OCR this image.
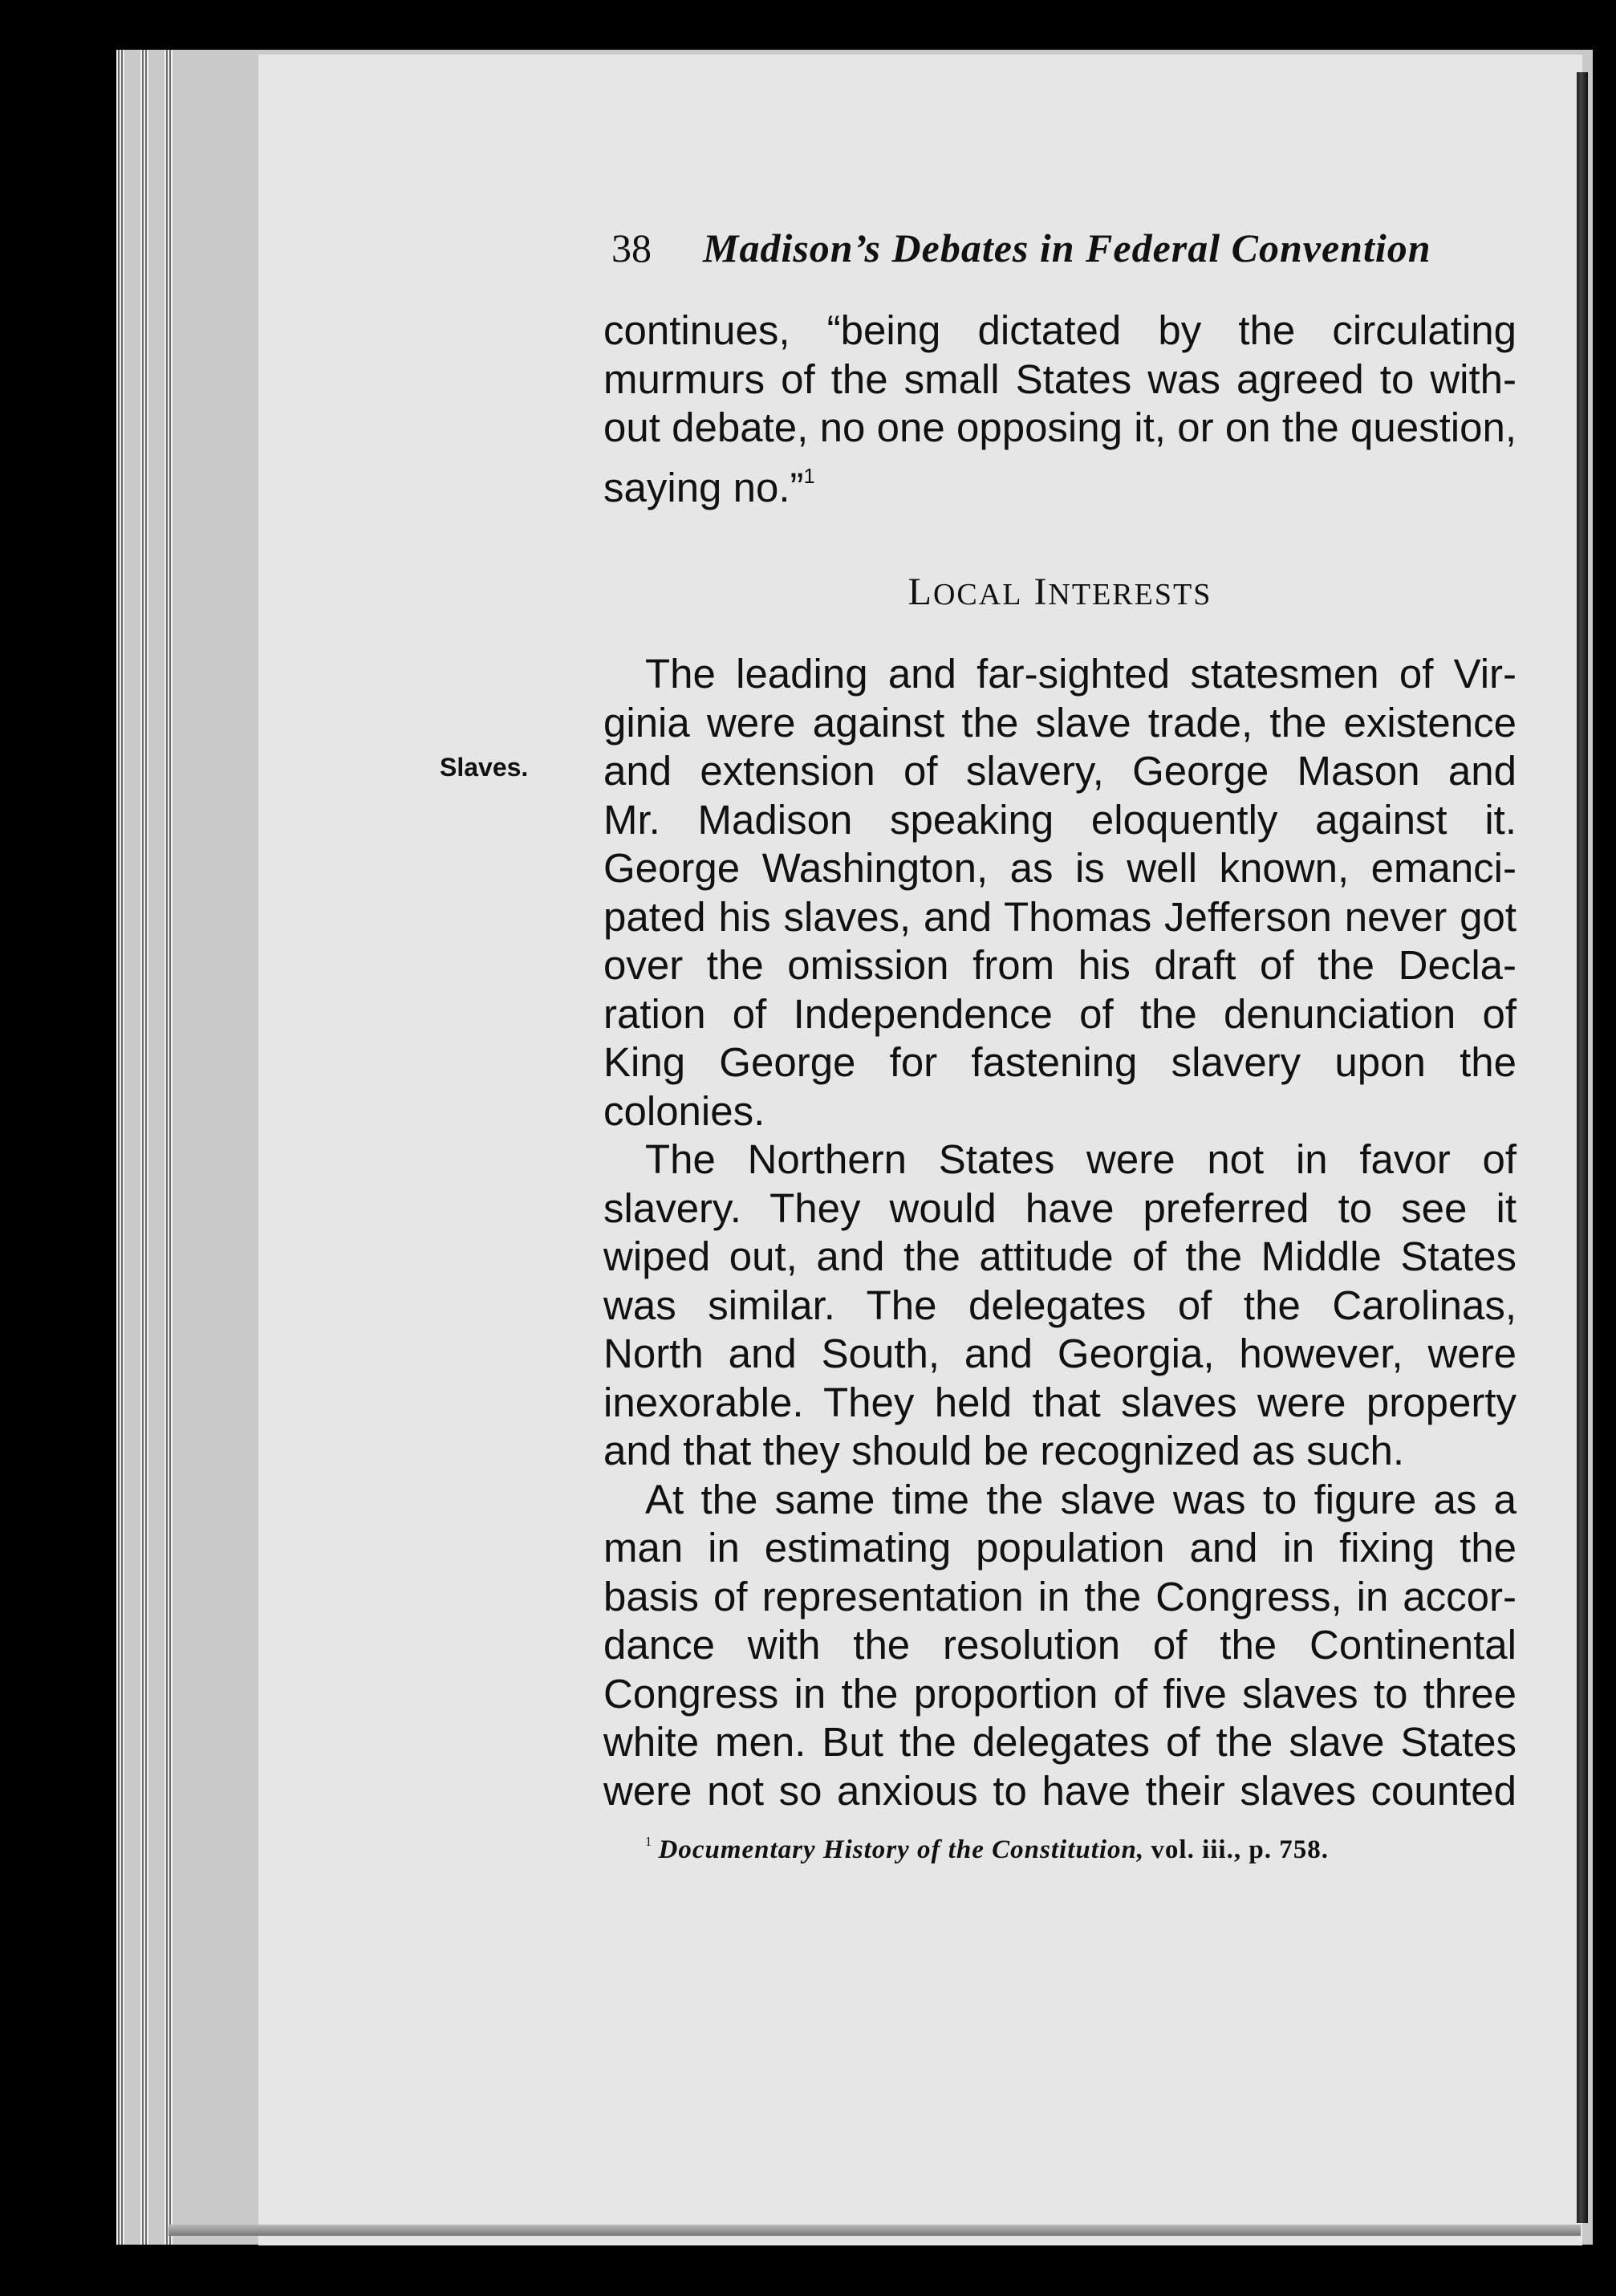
38 Madison’s Debates in Federal Convention
continues, “being dictated by the circulating
murmurs of the small States was agreed to with-
out debate, no one opposing it, or on the question,
saying no.”$^1$
LOCAL INTERESTS
Slaves.
The leading and far-sighted statesmen of Vir-
ginia were against the slave trade, the existence
and extension of slavery, George Mason and
Mr. Madison speaking eloquently against it.
George Washington, as is well known, emanci-
pated his slaves, and Thomas Jefferson never got
over the omission from his draft of the Decla-
ration of Independence of the denunciation of
King George for fastening slavery upon the
colonies.
The Northern States were not in favor of
slavery. They would have preferred to see it
wiped out, and the attitude of the Middle States
was similar. The delegates of the Carolinas,
North and South, and Georgia, however, were
inexorable. They held that slaves were property
and that they should be recognized as such.
At the same time the slave was to figure as a
man in estimating population and in fixing the
basis of representation in the Congress, in accor-
dance with the resolution of the Continental
Congress in the proportion of five slaves to three
white men. But the delegates of the slave States
were not so anxious to have their slaves counted
$^1$ Documentary History of the Constitution, vol. iii., p. 758.
